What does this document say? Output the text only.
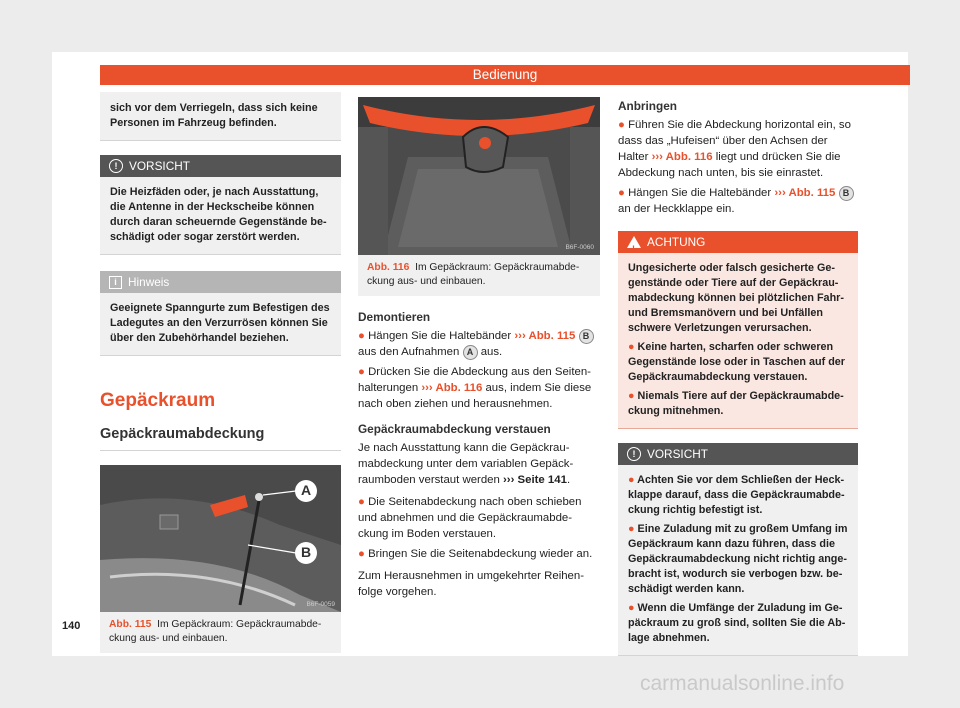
Bedienung
sich vor dem Verriegeln, dass sich keine Personen im Fahrzeug befinden.
! VORSICHT
Die Heizfäden oder, je nach Ausstattung, die Antenne in der Heckscheibe können durch daran scheuernde Gegenstände be-schädigt oder sogar zerstört werden.
i Hinweis
Geeignete Spanngurte zum Befestigen des Ladegutes an den Verzurrösen können Sie über den Zubehörhandel beziehen.
Gepäckraum
Gepäckraumabdeckung
A
B
B6F-0059
Abb. 115 Im Gepäckraum: Gepäckraumabde-ckung aus- und einbauen.
B6F-0060
Abb. 116 Im Gepäckraum: Gepäckraumabde-ckung aus- und einbauen.
Demontieren

● Hängen Sie die Haltebänder ››› Abb. 115 B aus den Aufnahmen A aus.

● Drücken Sie die Abdeckung aus den Seiten-halterungen ››› Abb. 116 aus, indem Sie diese nach oben ziehen und herausnehmen.

Gepäckraumabdeckung verstauen

Je nach Ausstattung kann die Gepäckrau-mabdeckung unter dem variablen Gepäck-raumboden verstaut werden ››› Seite 141.

● Die Seitenabdeckung nach oben schieben und abnehmen und die Gepäckraumabde-ckung im Boden verstauen.

● Bringen Sie die Seitenabdeckung wieder an.

Zum Herausnehmen in umgekehrter Reihen-folge vorgehen.

Anbringen

● Führen Sie die Abdeckung horizontal ein, so dass das „Hufeisen“ über den Achsen der Halter ››› Abb. 116 liegt und drücken Sie die Abdeckung nach unten, bis sie einrastet.

● Hängen Sie die Haltebänder ››› Abb. 115 B
an der Heckklappe ein.

! ACHTUNG
Ungesicherte oder falsch gesicherte Ge-genstände oder Tiere auf der Gepäckrau-mabdeckung können bei plötzlichen Fahr- und Bremsmanövern und bei Unfällen schwere Verletzungen verursachen.
● Keine harten, scharfen oder schweren Gegenstände lose oder in Taschen auf der Gepäckraumabdeckung verstauen.
● Niemals Tiere auf der Gepäckraumabde-ckung mitnehmen.
! VORSICHT
● Achten Sie vor dem Schließen der Heck-klappe darauf, dass die Gepäckraumabde-ckung richtig befestigt ist.
● Eine Zuladung mit zu großem Umfang im Gepäckraum kann dazu führen, dass die Gepäckraumabdeckung nicht richtig ange-bracht ist, wodurch sie verbogen bzw. be-schädigt werden kann.
● Wenn die Umfänge der Zuladung im Ge-päckraum zu groß sind, sollten Sie die Ab-lage abnehmen.
140
carmanualsonline.info
